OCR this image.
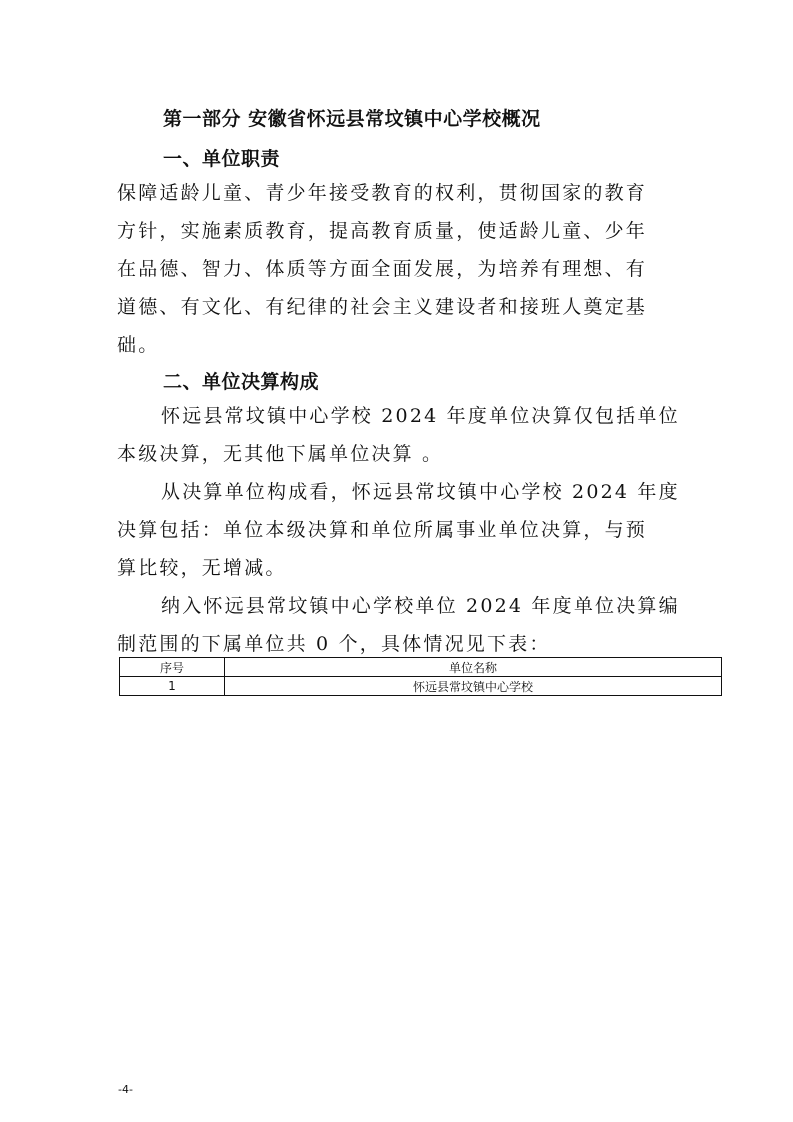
第一部分 安徽省怀远县常坟镇中心学校概况
一、单位职责
保障适龄儿童、青少年接受教育的权利，贯彻国家的教育
方针，实施素质教育，提高教育质量，使适龄儿童、少年
在品德、智力、体质等方面全面发展，为培养有理想、有
道德、有文化、有纪律的社会主义建设者和接班人奠定基
础。
二、单位决算构成
怀远县常坟镇中心学校 2024 年度单位决算仅包括单位
本级决算，无其他下属单位决算 。
从决算单位构成看，怀远县常坟镇中心学校 2024 年度
决算包括：单位本级决算和单位所属事业单位决算，与预
算比较，无增减。
纳入怀远县常坟镇中心学校单位 2024 年度单位决算编
制范围的下属单位共 0 个，具体情况见下表：
序号	单位名称
1	怀远县常坟镇中心学校
-4-
